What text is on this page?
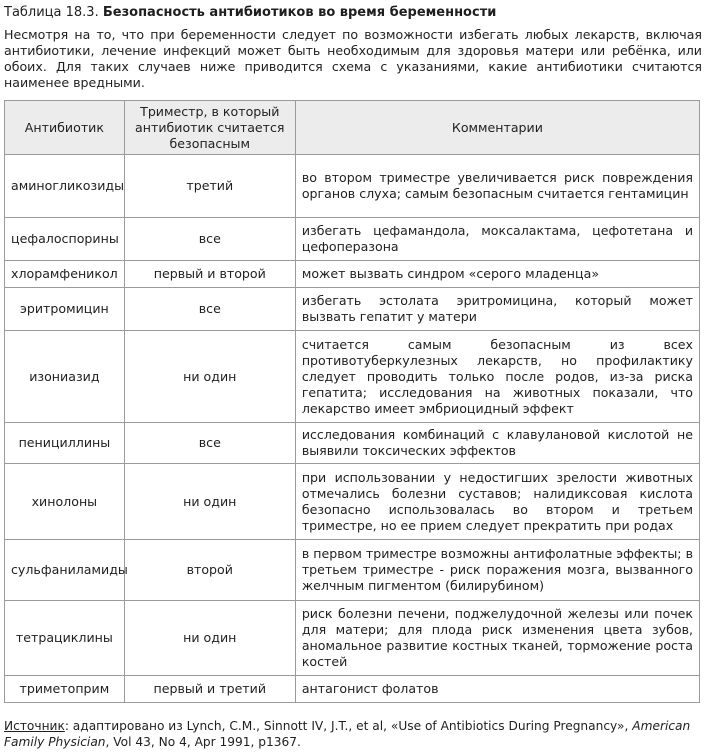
Таблица 18.3. Безопасность антибиотиков во время беременности
Несмотря на то, что при беременности следует по возможности избегать любых лекарств, включая антибиотики, лечение инфекций может быть необходимым для здоровья матери или ребёнка, или обоих. Для таких случаев ниже приводится схема с указаниями, какие антибиотики считаются наименее вредными.
Антибиотик	Триместр, в который антибиотик считается безопасным	Комментарии
аминогликозиды	третий	во втором триместре увеличивается риск повреждения органов слуха; самым безопасным считается гентамицин
цефалоспорины	все	избегать цефамандола, моксалактама, цефотетана и цефоперазона
хлорамфеникол	первый и второй	может вызвать синдром «серого младенца»
эритромицин	все	избегать эстолата эритромицина, который может вызвать гепатит у матери
изониазид	ни один	считается самым безопасным из всех противотуберкулезных лекарств, но профилактику следует проводить только после родов, из-за риска гепатита; исследования на животных показали, что лекарство имеет эмбриоцидный эффект
пенициллины	все	исследования комбинаций с клавулановой кислотой не выявили токсических эффектов
хинолоны	ни один	при использовании у недостигших зрелости животных отмечались болезни суставов; налидиксовая кислота безопасно использовалась во втором и третьем триместре, но ее прием следует прекратить при родах
сульфаниламиды	второй	в первом триместре возможны антифолатные эффекты; в третьем триместре - риск поражения мозга, вызванного желчным пигментом (билирубином)
тетрациклины	ни один	риск болезни печени, поджелудочной железы или почек для матери; для плода риск изменения цвета зубов, аномальное развитие костных тканей, торможение роста костей
триметоприм	первый и третий	антагонист фолатов
Источник: адаптировано из Lynch, C.M., Sinnott IV, J.T., et al, «Use of Antibiotics During Pregnancy», American Family Physician, Vol 43, No 4, Apr 1991, p1367.
